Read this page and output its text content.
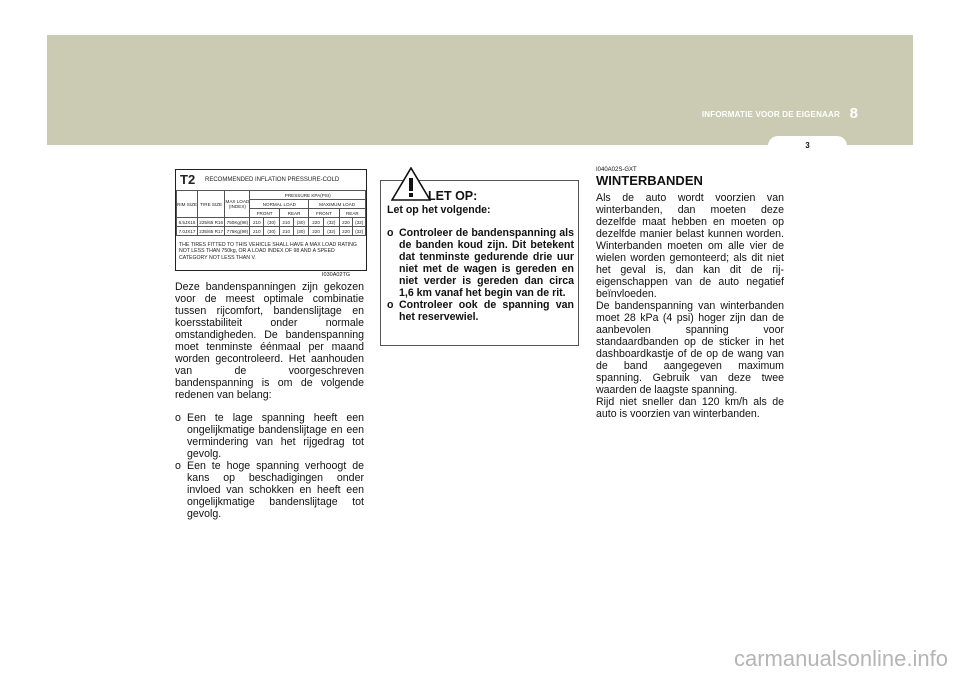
INFORMATIE VOOR DE EIGENAAR 8
3
T2 RECOMMENDED INFLATION PRESSURE-COLD
RIM SIZE	TIRE SIZE	MAX LOAD (INDEX)	PRESSURE KPA(PSI)							
			NORMAL LOAD				MAXIMUM LOAD			
			FRONT		REAR		FRONT		REAR	
6.5JX16	225/65 R16	750Kg(98)	210	(30)	210	(30)	220	(32)	220	(32)
7.0JX17	235/65 R17	775Kg(99)	210	(30)	210	(30)	220	(32)	220	(32)
THE TIRES FITTED TO THIS VEHICLE SHALL HAVE A MAX LOAD RATING NOT LESS THAN 750kg, OR A LOAD INDEX OF 98 AND A SPEED CATEGORY NOT LESS THAN V.
I030A02TG

Deze bandenspanningen zijn gekozen voor de meest optimale combinatie tussen rijcomfort, bandenslijtage en koersstabiliteit onder normale omstandigheden. De bandenspanning moet tenminste éénmaal per maand worden gecontroleerd. Het aanhouden van de voorgeschreven bandenspanning is om de volgende redenen van belang:

o Een te lage spanning heeft een ongelijkmatige bandenslijtage en een vermindering van het rijgedrag tot gevolg.
o Een te hoge spanning verhoogt de kans op beschadigingen onder invloed van schokken en heeft een ongelijkmatige bandenslijtage tot gevolg.
LET OP:

Let op het volgende:

o Controleer de bandenspanning als de banden koud zijn. Dit betekent dat tenminste gedurende drie uur niet met de wagen is gereden en niet verder is gereden dan circa 1,6 km vanaf het begin van de rit.
o Controleer ook de spanning van het reservewiel.
I040A02S-GXT
WINTERBANDEN

Als de auto wordt voorzien van winterbanden, dan moeten deze dezelfde maat hebben en moeten op dezelfde manier belast kunnen worden. Winterbanden moeten om alle vier de wielen worden gemonteerd; als dit niet het geval is, dan kan dit de rij-eigenschappen van de auto negatief beïnvloeden.

De bandenspanning van winterbanden moet 28 kPa (4 psi) hoger zijn dan de aanbevolen spanning voor standaardbanden op de sticker in het dashboardkastje of de op de wang van de band aangegeven maximum spanning. Gebruik van deze twee waarden de laagste spanning.

Rijd niet sneller dan 120 km/h als de auto is voorzien van winterbanden.

carmanualsonline.info
